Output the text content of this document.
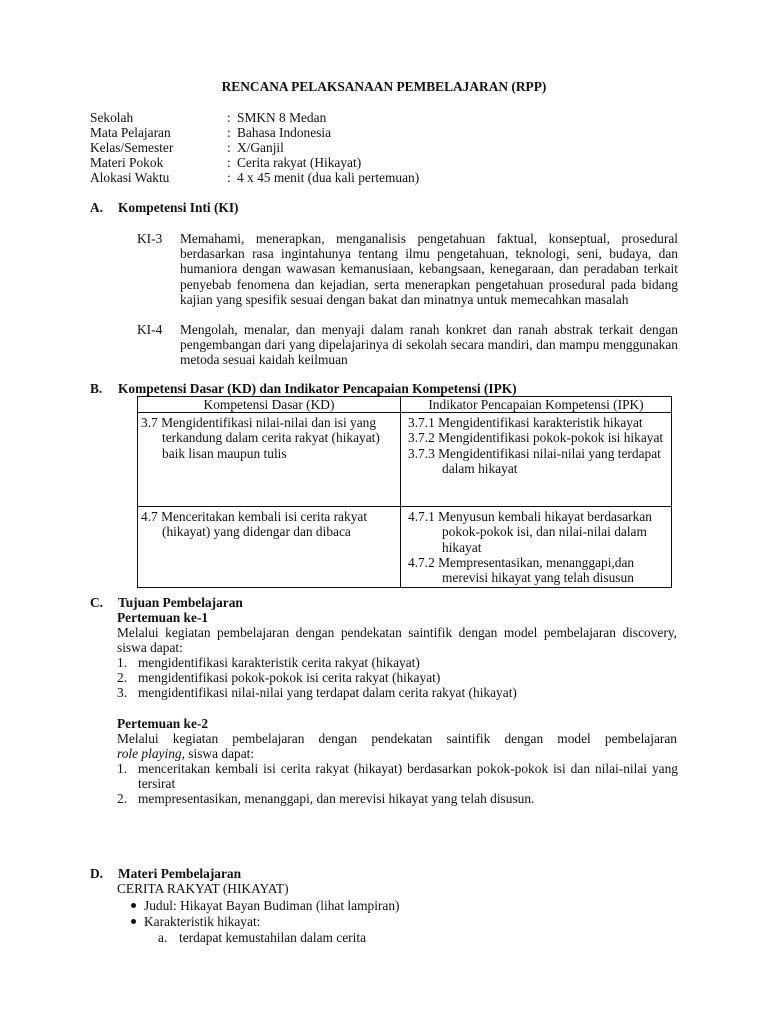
RENCANA PELAKSANAAN PEMBELAJARAN (RPP)
Sekolah	: SMKN 8 Medan
Mata Pelajaran	: Bahasa Indonesia
Kelas/Semester	: X/Ganjil
Materi Pokok	: Cerita rakyat (Hikayat)
Alokasi Waktu	: 4 x 45 menit (dua kali pertemuan)
A. Kompetensi Inti (KI)
KI-3 Memahami, menerapkan, menganalisis pengetahuan faktual, konseptual, prosedural berdasarkan rasa ingintahunya tentang ilmu pengetahuan, teknologi, seni, budaya, dan humaniora dengan wawasan kemanusiaan, kebangsaan, kenegaraan, dan peradaban terkait penyebab fenomena dan kejadian, serta menerapkan pengetahuan prosedural pada bidang kajian yang spesifik sesuai dengan bakat dan minatnya untuk memecahkan masalah
KI-4 Mengolah, menalar, dan menyaji dalam ranah konkret dan ranah abstrak terkait dengan pengembangan dari yang dipelajarinya di sekolah secara mandiri, dan mampu menggunakan metoda sesuai kaidah keilmuan
B. Kompetensi Dasar (KD) dan Indikator Pencapaian Kompetensi (IPK)
Kompetensi Dasar (KD)	Indikator Pencapaian Kompetensi (IPK)

3.7 Mengidentifikasi nilai-nilai dan isi yang terkandung dalam cerita rakyat (hikayat) baik lisan maupun tulis	3.7.1 Mengidentifikasi karakteristik hikayat
3.7.2 Mengidentifikasi pokok-pokok isi hikayat
3.7.3 Mengidentifikasi nilai-nilai yang terdapat dalam hikayat

4.7 Menceritakan kembali isi cerita rakyat (hikayat) yang didengar dan dibaca	4.7.1 Menyusun kembali hikayat berdasarkan pokok-pokok isi, dan nilai-nilai dalam hikayat
4.7.2 Mempresentasikan, menanggapi,dan merevisi hikayat yang telah disusun
C. Tujuan Pembelajaran
Pertemuan ke-1
Melalui kegiatan pembelajaran dengan pendekatan saintifik dengan model pembelajaran discovery, siswa dapat:
1. mengidentifikasi karakteristik cerita rakyat (hikayat)
2. mengidentifikasi pokok-pokok isi cerita rakyat (hikayat)
3. mengidentifikasi nilai-nilai yang terdapat dalam cerita rakyat (hikayat)
Pertemuan ke-2
Melalui kegiatan pembelajaran dengan pendekatan saintifik dengan model pembelajaran
role playing, siswa dapat:
1. menceritakan kembali isi cerita rakyat (hikayat) berdasarkan pokok-pokok isi dan nilai-nilai yang tersirat
2. mempresentasikan, menanggapi, dan merevisi hikayat yang telah disusun.
D. Materi Pembelajaran
CERITA RAKYAT (HIKAYAT)
Judul: Hikayat Bayan Budiman (lihat lampiran)
Karakteristik hikayat:
a. terdapat kemustahilan dalam cerita
